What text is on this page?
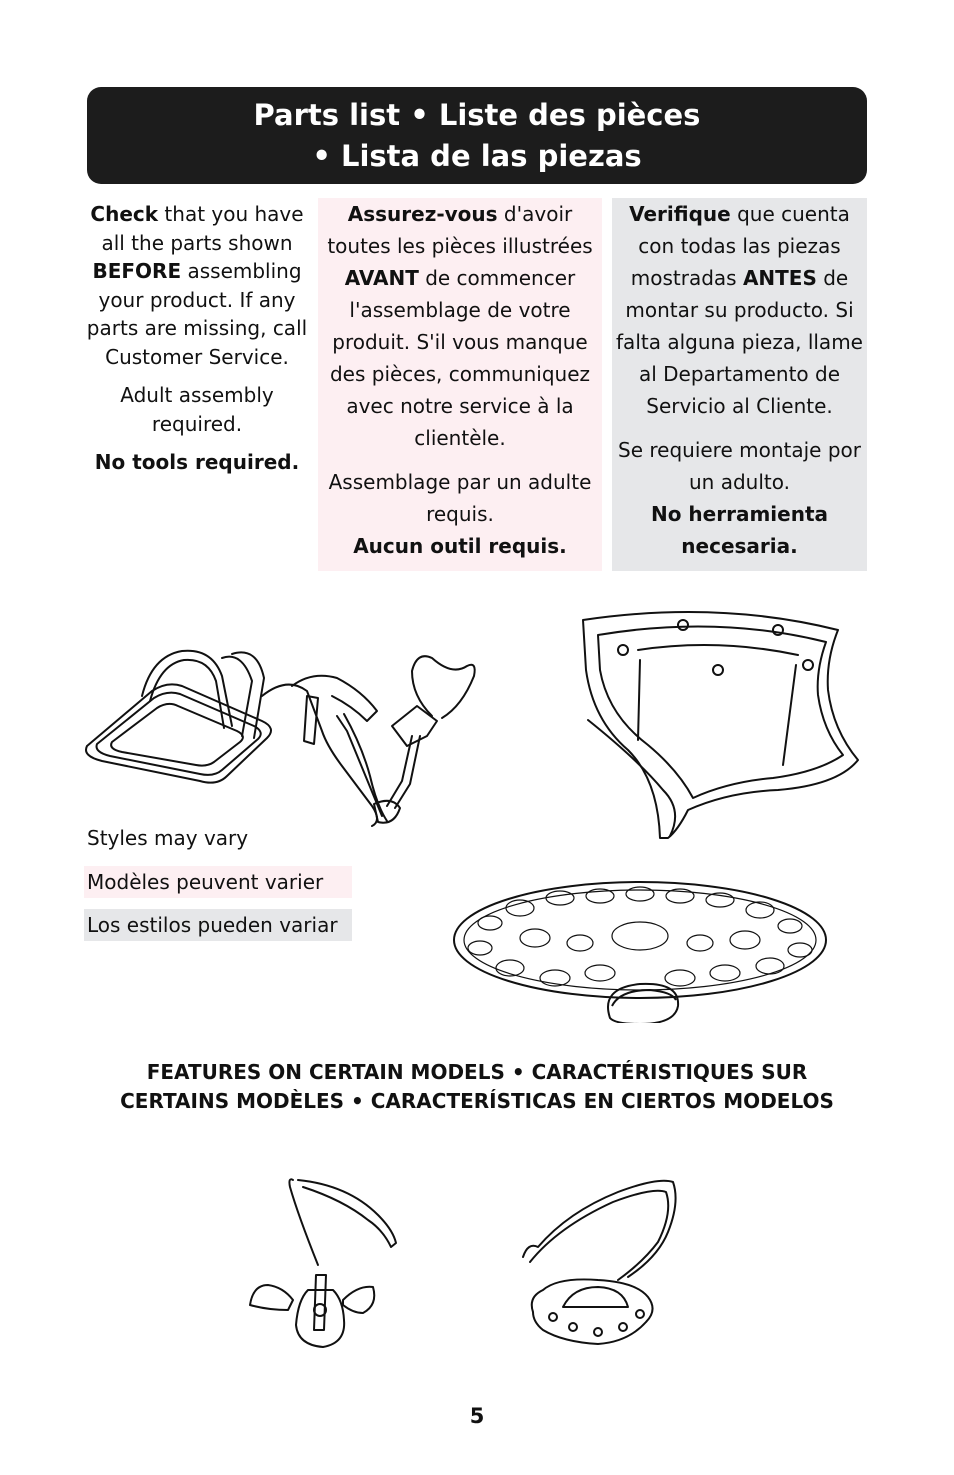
Parts list • Liste des pièces
• Lista de las piezas

Check that you have all the parts shown BEFORE assembling your product. If any parts are missing, call Customer Service.

Adult assembly required.

No tools required.

Assurez-vous d'avoir toutes les pièces illustrées AVANT de commencer l'assemblage de votre produit. S'il vous manque des pièces, communiquez avec notre service à la clientèle.

Assemblage par un adulte requis.

Aucun outil requis.

Verifique que cuenta con todas las piezas mostradas ANTES de montar su producto. Si falta alguna pieza, llame al Departamento de Servicio al Cliente.

Se requiere montaje por un adulto.

No herramienta necesaria.

Styles may vary
Modèles peuvent varier
Los estilos pueden variar
FEATURES ON CERTAIN MODELS • CARACTÉRISTIQUES SUR
CERTAINS MODÈLES • CARACTERÍSTICAS EN CIERTOS MODELOS
5
